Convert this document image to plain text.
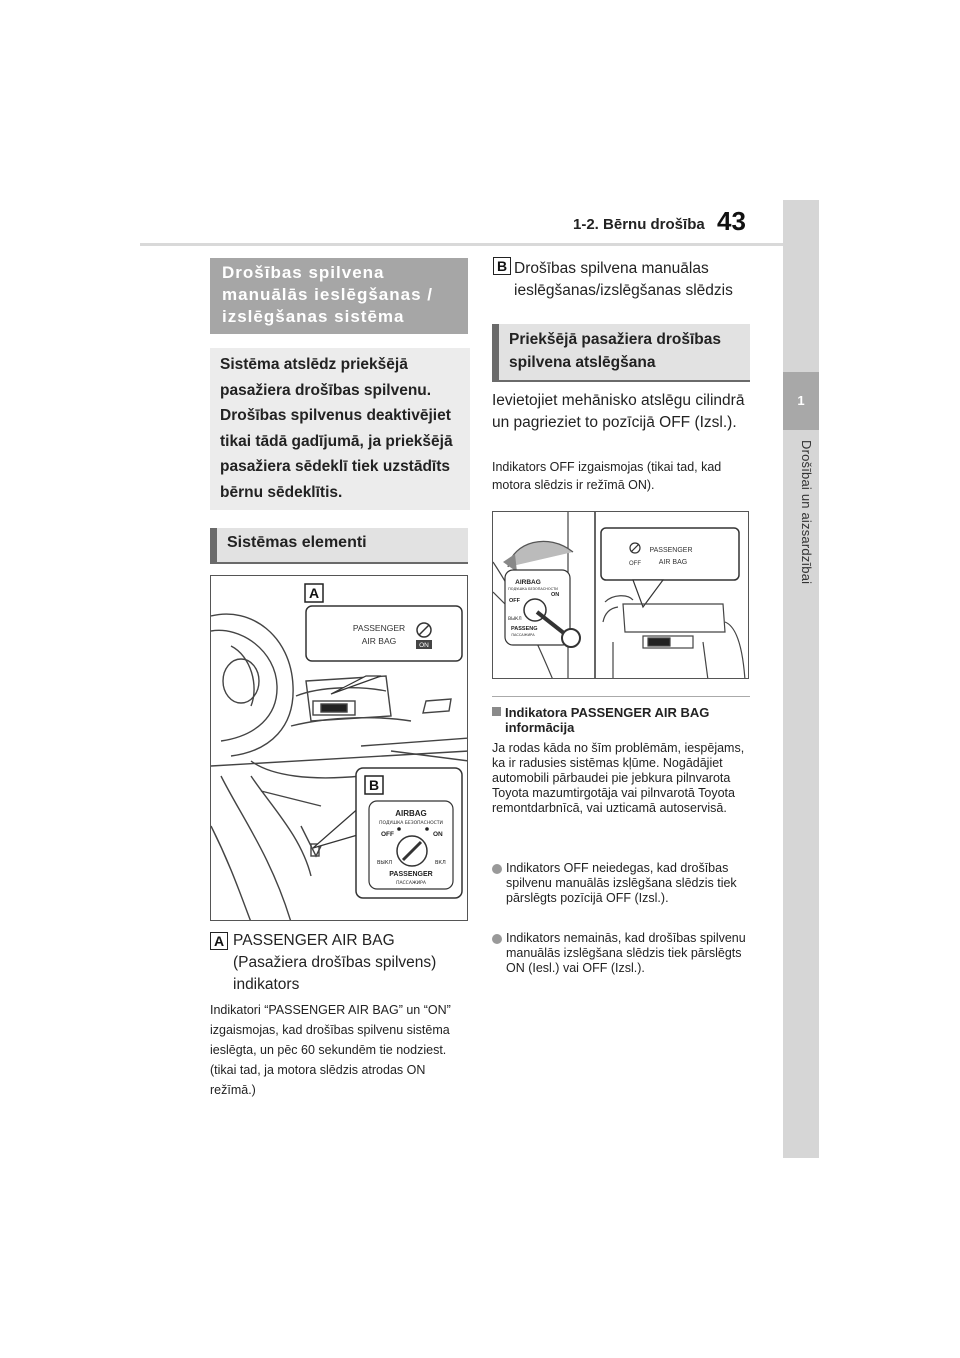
1-2. Bērnu drošība 43
1
Drošībai un aizsardzībai
Drošības spilvena manuālās ieslēgšanas / izslēgšanas sistēma
Sistēma atslēdz priekšējā pasažiera drošības spilvenu. Drošības spilvenus deaktivējiet tikai tādā gadījumā, ja priekšējā pasažiera sēdeklī tiek uzstādīts bērnu sēdeklītis.
Sistēmas elementi
PASSENGER
AIR BAG	ON
A
AIRBAG
ПОДУШКА БЕЗОПАСНОСТИ
OFF	ON
ВЫКЛ	ВКЛ
PASSENGER
ПАССАЖИРА
B
A PASSENGER AIR BAG (Pasažiera drošības spilvens) indikators
Indikatori “PASSENGER AIR BAG” un “ON” izgaismojas, kad drošības spilvenu sistēma ieslēgta, un pēc 60 sekundēm tie nodziest. (tikai tad, ja motora slēdzis atrodas ON režīmā.)
B Drošības spilvena manuālas ieslēgšanas/izslēgšanas slēdzis
Priekšējā pasažiera drošības spilvena atslēgšana
Ievietojiet mehānisko atslēgu cilindrā un pagrieziet to pozīcijā OFF (Izsl.).
Indikators OFF izgaismojas (tikai tad, kad motora slēdzis ir režīmā ON).
AIRBAG
ПОДУШКА БЕЗОПАСНОСТИ
OFF
ON
ВЫКЛ
PASSENG
ПАССАЖИРА
OFF
PASSENGER
AIR BAG
Indikatora PASSENGER AIR BAG informācija
Ja rodas kāda no šīm problēmām, iespējams, ka ir radusies sistēmas kļūme. Nogādājiet automobili pārbaudei pie jebkura pilnvarota Toyota mazumtirgotāja vai pilnvarotā Toyota remontdarbnīcā, vai uzticamā autoservisā.
Indikators OFF neiedegas, kad drošības spilvenu manuālās izslēgšana slēdzis tiek pārslēgts pozīcijā OFF (Izsl.).
Indikators nemainās, kad drošības spilvenu manuālās izslēgšana slēdzis tiek pārslēgts ON (Iesl.) vai OFF (Izsl.).
